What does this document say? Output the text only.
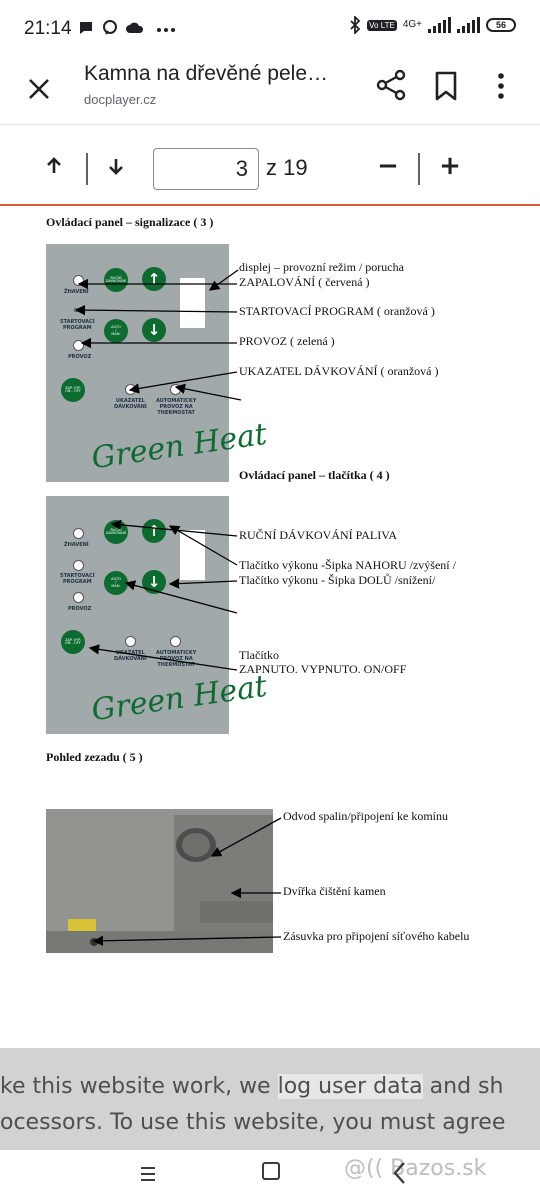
21:14	Vo LTE 4G+	56
Kamna na dřevěné pele…
docplayer.cz
3
z 19	− +
Ovládací panel – signalizace ( 3 )
ŽHAVENÍ
STARTOVACÍ
PROGRAM
PROVOZ
RUČNÍ
DÁVKOVÁNÍ	↑
AUTO
/
MAN.	↓
ZAP. VYP.
ON - OFF
UKAZATEL
DÁVKOVÁNÍ
AUTOMATICKY
PROVOZ NA
THERMOSTAT
Green Heat
displej – provozní režim / porucha
ZAPALOVÁNÍ ( červená )
STARTOVACÍ PROGRAM ( oranžová )
PROVOZ ( zelená )
UKAZATEL DÁVKOVÁNÍ ( oranžová )
Ovládací panel – tlačítka ( 4 )
ŽHAVENÍ
STARTOVACÍ
PROGRAM
PROVOZ
RUČNÍ
DÁVKOVÁNÍ	↑
AUTO
/
MAN.	↓
ZAP. VYP.
ON - OFF
UKAZATEL
DÁVKOVÁNÍ
AUTOMATICKY
PROVOZ NA
THERMOSTAT
Green Heat
RUČNÍ DÁVKOVÁNÍ PALIVA
Tlačítko výkonu -Šipka NAHORU /zvýšení /
Tlačítko výkonu - Šipka DOLŮ /snížení/
Tlačítko
ZAPNUTO. VYPNUTO. ON/OFF
Pohled zezadu ( 5 )
Odvod spalin/připojení ke komínu
Dvířka čištění kamen
Zásuvka pro připojení síťového kabelu
ke this website work, we log user data and sh
ocessors. To use this website, you must agree
@(( Bazos.sk
